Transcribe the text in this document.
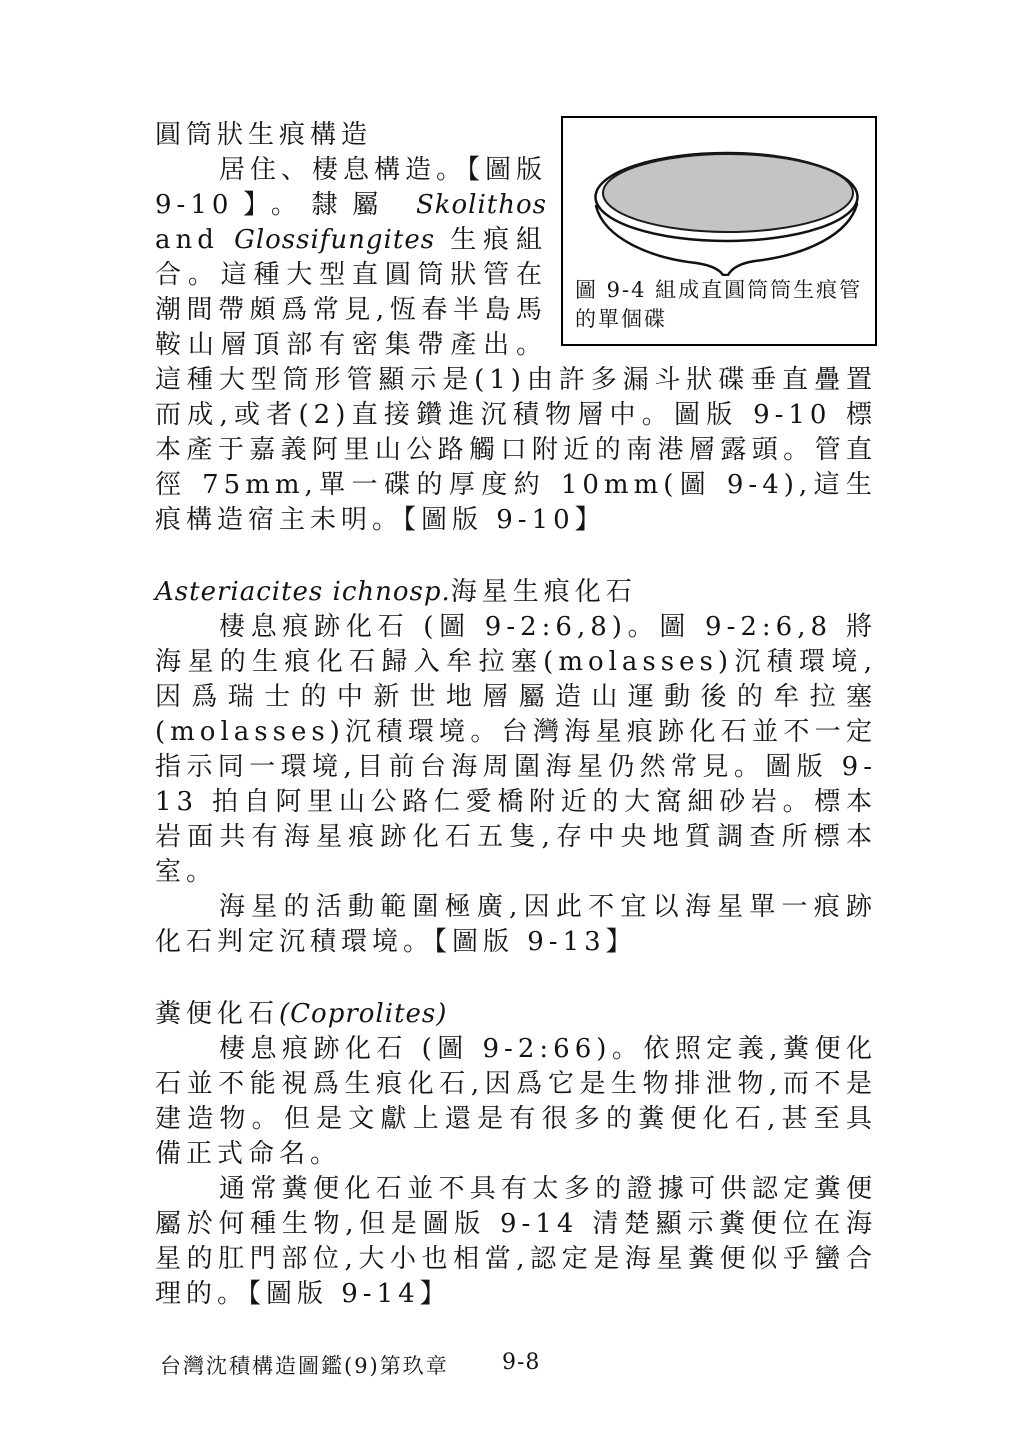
圖 9-4 組成直圓筒筒生痕管的單個碟
圓筒狀生痕構造

居住、棲息構造。【圖版 9-10】。隸屬 Skolithos and Glossifungites 生痕組合。這種大型直圓筒狀管在潮間帶頗爲常見,恆春半島馬鞍山層頂部有密集帶產出。這種大型筒形管顯示是(1)由許多漏斗狀碟垂直疊置而成,或者(2)直接鑽進沉積物層中。圖版 9-10 標本產于嘉義阿里山公路觸口附近的南港層露頭。管直徑 75mm,單一碟的厚度約 10mm(圖 9-4),這生痕構造宿主未明。【圖版 9-10】

Asteriacites ichnosp.海星生痕化石

棲息痕跡化石 (圖 9-2:6,8)。圖 9-2:6,8 將海星的生痕化石歸入牟拉塞(molasses)沉積環境,因爲瑞士的中新世地層屬造山運動後的牟拉塞(molasses)沉積環境。台灣海星痕跡化石並不一定指示同一環境,目前台海周圍海星仍然常見。圖版 9-13 拍自阿里山公路仁愛橋附近的大窩細砂岩。標本岩面共有海星痕跡化石五隻,存中央地質調查所標本室。

海星的活動範圍極廣,因此不宜以海星單一痕跡化石判定沉積環境。【圖版 9-13】

糞便化石(Coprolites)

棲息痕跡化石 (圖 9-2:66)。依照定義,糞便化石並不能視爲生痕化石,因爲它是生物排泄物,而不是建造物。但是文獻上還是有很多的糞便化石,甚至具備正式命名。

通常糞便化石並不具有太多的證據可供認定糞便屬於何種生物,但是圖版 9-14 清楚顯示糞便位在海星的肛門部位,大小也相當,認定是海星糞便似乎蠻合理的。【圖版 9-14】

台灣沈積構造圖鑑(9)第玖章 9-8
